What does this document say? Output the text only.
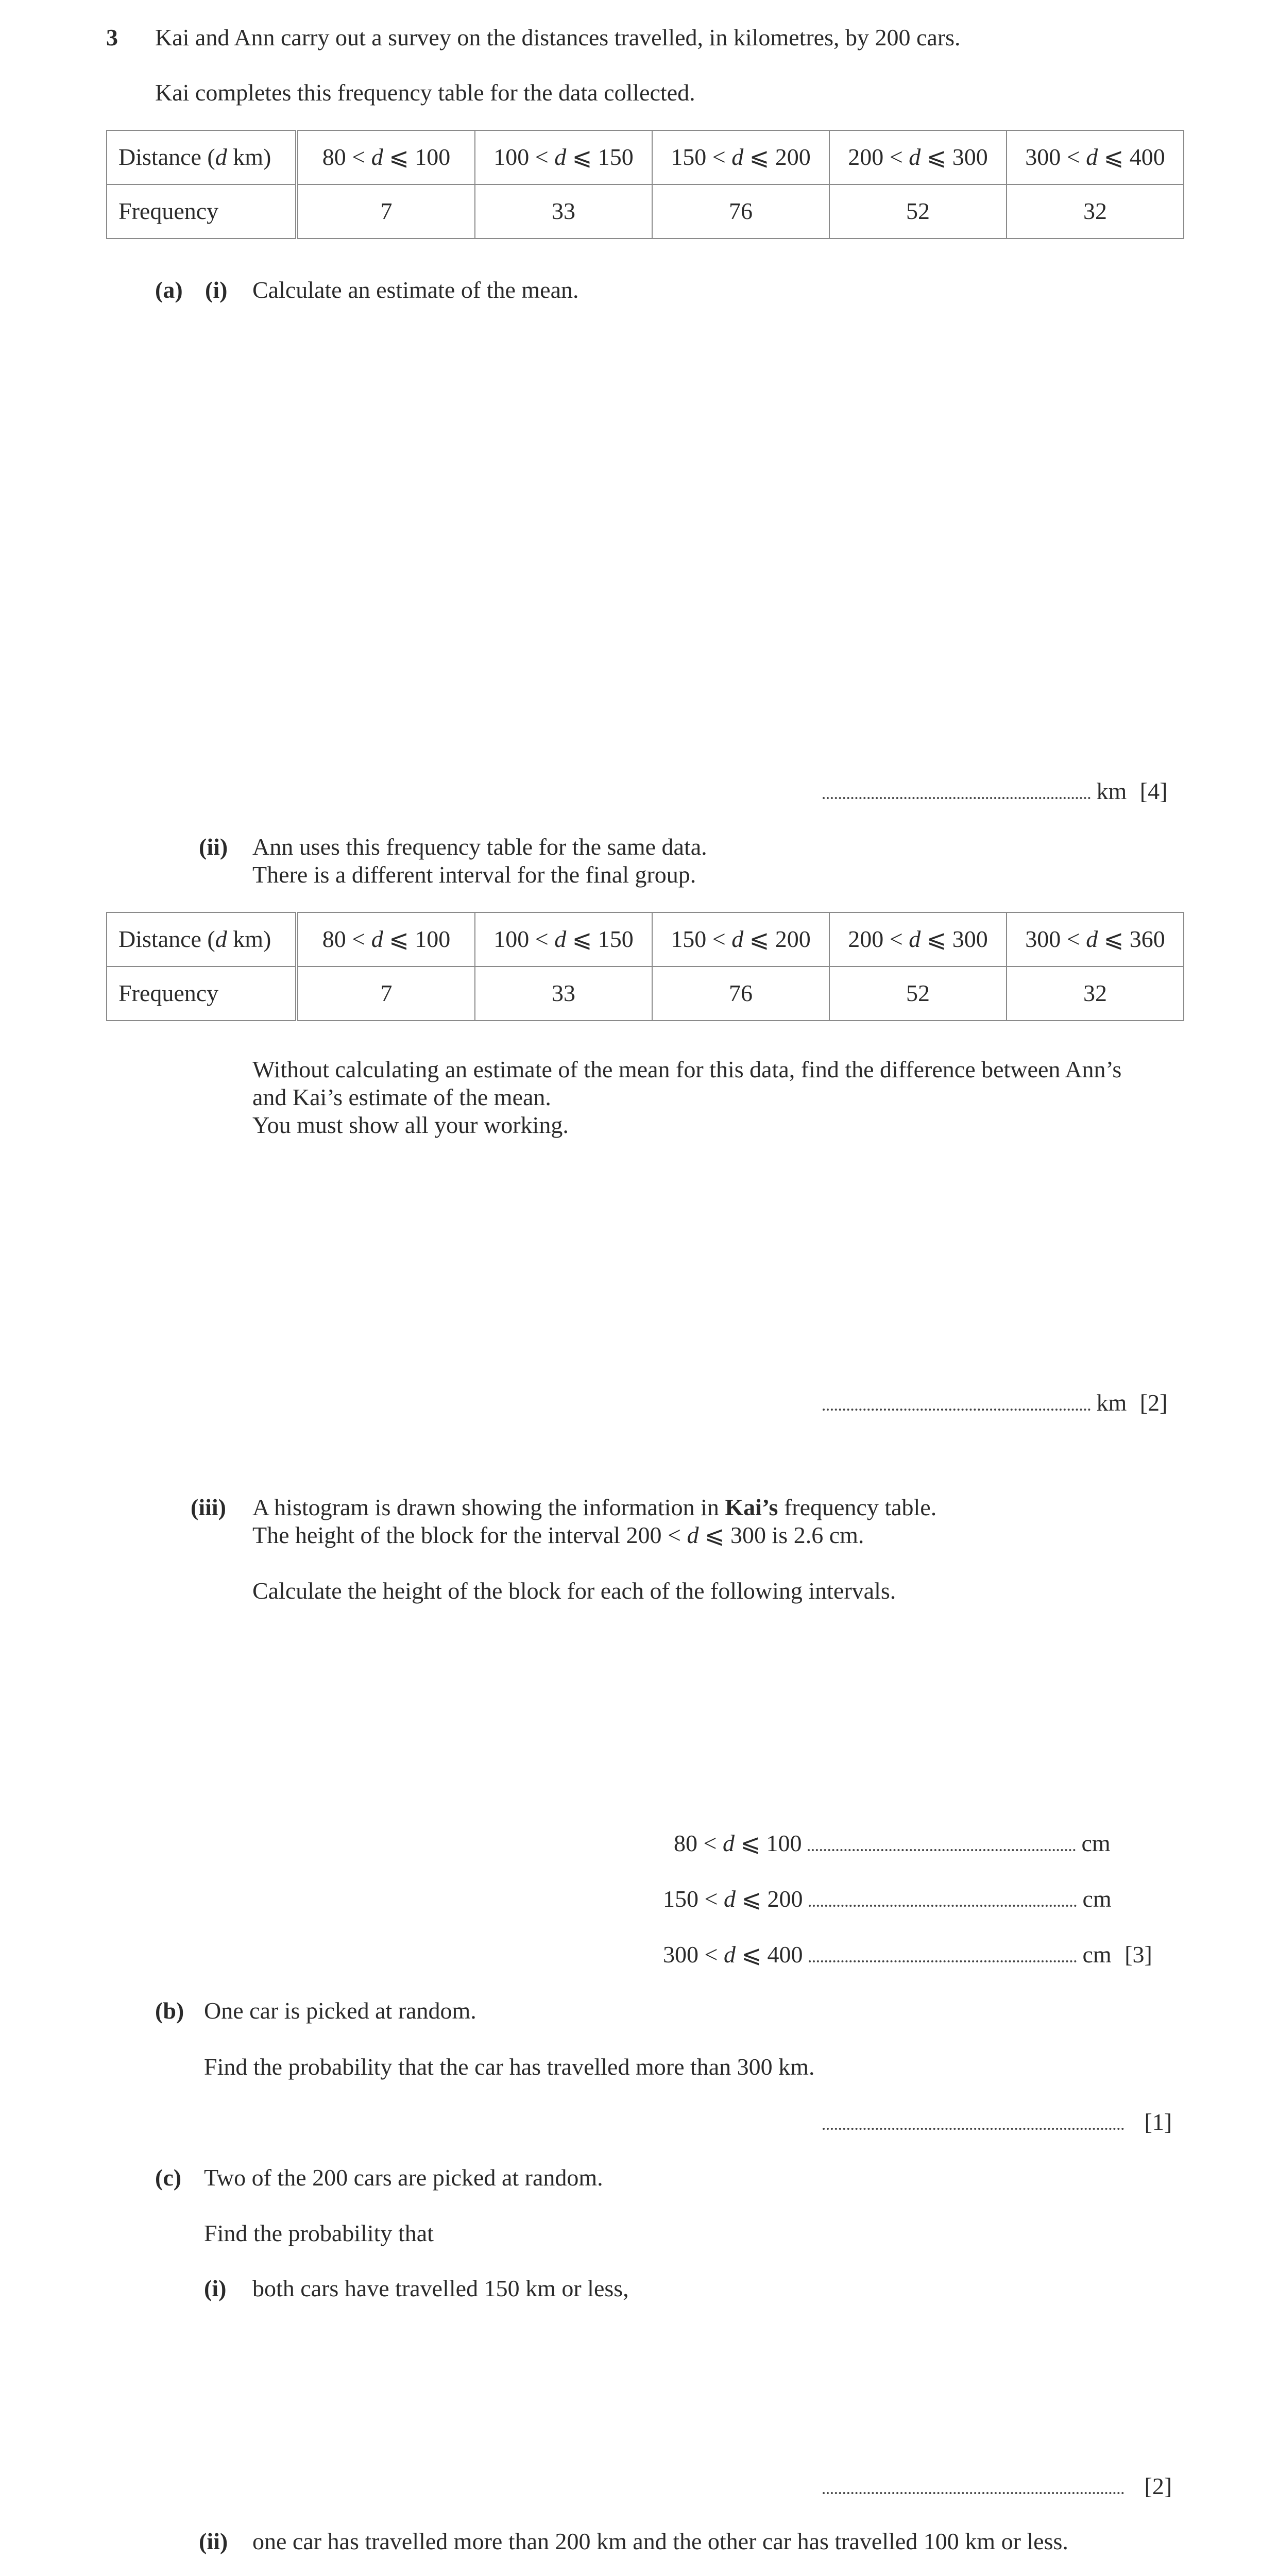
3 Kai and Ann carry out a survey on the distances travelled, in kilometres, by 200 cars.
Kai completes this frequency table for the data collected.
Distance (d km)	80 < d ⩽ 100	100 < d ⩽ 150	150 < d ⩽ 200	200 < d ⩽ 300	300 < d ⩽ 400
Frequency	7	33	76	52	32
(a) (i) Calculate an estimate of the mean.
km [4]
(ii) Ann uses this frequency table for the same data.
There is a different interval for the final group.
Distance (d km)	80 < d ⩽ 100	100 < d ⩽ 150	150 < d ⩽ 200	200 < d ⩽ 300	300 < d ⩽ 360
Frequency	7	33	76	52	32
Without calculating an estimate of the mean for this data, find the difference between Ann’s
and Kai’s estimate of the mean.
You must show all your working.
km [2]
(iii) A histogram is drawn showing the information in Kai’s frequency table.
The height of the block for the interval 200 < d ⩽ 300 is 2.6 cm.
Calculate the height of the block for each of the following intervals.
80 < d ⩽ 100	cm
150 < d ⩽ 200	cm
300 < d ⩽ 400	cm [3]
(b) One car is picked at random.
Find the probability that the car has travelled more than 300 km.
[1]
(c) Two of the 200 cars are picked at random.
Find the probability that
(i) both cars have travelled 150 km or less,
[2]
(ii) one car has travelled more than 200 km and the other car has travelled 100 km or less.
